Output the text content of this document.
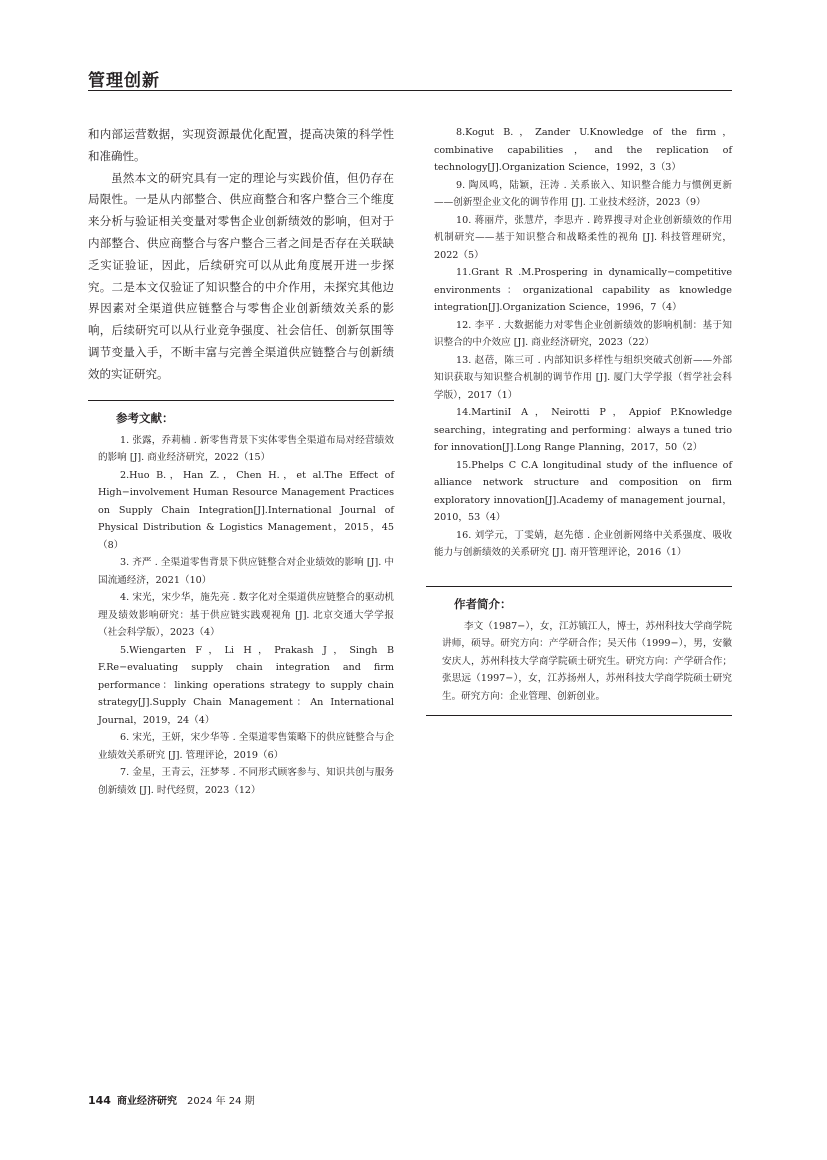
管理创新

和内部运营数据，实现资源最优化配置，提高决策的科学性和准确性。

虽然本文的研究具有一定的理论与实践价值，但仍存在局限性。一是从内部整合、供应商整合和客户整合三个维度来分析与验证相关变量对零售企业创新绩效的影响，但对于内部整合、供应商整合与客户整合三者之间是否存在关联缺乏实证验证，因此，后续研究可以从此角度展开进一步探究。二是本文仅验证了知识整合的中介作用，未探究其他边界因素对全渠道供应链整合与零售企业创新绩效关系的影响，后续研究可以从行业竞争强度、社会信任、创新氛围等调节变量入手，不断丰富与完善全渠道供应链整合与创新绩效的实证研究。

参考文献：

1. 张露，乔莉楠 . 新零售背景下实体零售全渠道布局对经营绩效的影响 [J]. 商业经济研究，2022（15）

2.Huo B.，Han Z.，Chen H.，et al.The Effect of High−involvement Human Resource Management Practices on Supply Chain Integration[J].International Journal of Physical Distribution & Logistics Management，2015，45（8）

3. 齐严 . 全渠道零售背景下供应链整合对企业绩效的影响 [J]. 中国流通经济，2021（10）

4. 宋光，宋少华，施先亮 . 数字化对全渠道供应链整合的驱动机理及绩效影响研究：基于供应链实践观视角 [J]. 北京交通大学学报（社会科学版），2023（4）

5.Wiengarten F，Li H，Prakash J，Singh B F.Re−evaluating supply chain integration and firm performance：linking operations strategy to supply chain strategy[J].Supply Chain Management：An International Journal，2019，24（4）

6. 宋光，王妍，宋少华等 . 全渠道零售策略下的供应链整合与企业绩效关系研究 [J]. 管理评论，2019（6）

7. 金星，王青云，汪梦琴 . 不同形式顾客参与、知识共创与服务创新绩效 [J]. 时代经贸，2023（12）

8.Kogut B.，Zander U.Knowledge of the firm，combinative capabilities，and the replication of technology[J].Organization Science，1992，3（3）

9. 陶凤鸣，陆颖，汪涛 . 关系嵌入、知识整合能力与惯例更新——创新型企业文化的调节作用 [J]. 工业技术经济，2023（9）

10. 蒋丽芹，张慧芹，李思卉 . 跨界搜寻对企业创新绩效的作用机制研究——基于知识整合和战略柔性的视角 [J]. 科技管理研究，2022（5）

11.Grant R .M.Prospering in dynamically−competitive environments：organizational capability as knowledge integration[J].Organization Science，1996，7（4）

12. 李平 . 大数据能力对零售企业创新绩效的影响机制：基于知识整合的中介效应 [J]. 商业经济研究，2023（22）

13. 赵蓓，陈三可 . 内部知识多样性与组织突破式创新——外部知识获取与知识整合机制的调节作用 [J]. 厦门大学学报（哲学社会科学版），2017（1）

14.MartiniI A，Neirotti P，Appiof P.Knowledge searching，integrating and performing：always a tuned trio for innovation[J].Long Range Planning，2017，50（2）

15.Phelps C C.A longitudinal study of the influence of alliance network structure and composition on firm exploratory innovation[J].Academy of management journal，2010，53（4）

16. 刘学元，丁雯婧，赵先德 . 企业创新网络中关系强度、吸收能力与创新绩效的关系研究 [J]. 南开管理评论，2016（1）

作者简介：

李文（1987−），女，江苏镇江人，博士，苏州科技大学商学院讲师，硕导。研究方向：产学研合作；吴天伟（1999−），男，安徽安庆人，苏州科技大学商学院硕士研究生。研究方向：产学研合作；张思远（1997−），女，江苏扬州人，苏州科技大学商学院硕士研究生。研究方向：企业管理、创新创业。

144 商业经济研究 2024 年 24 期
